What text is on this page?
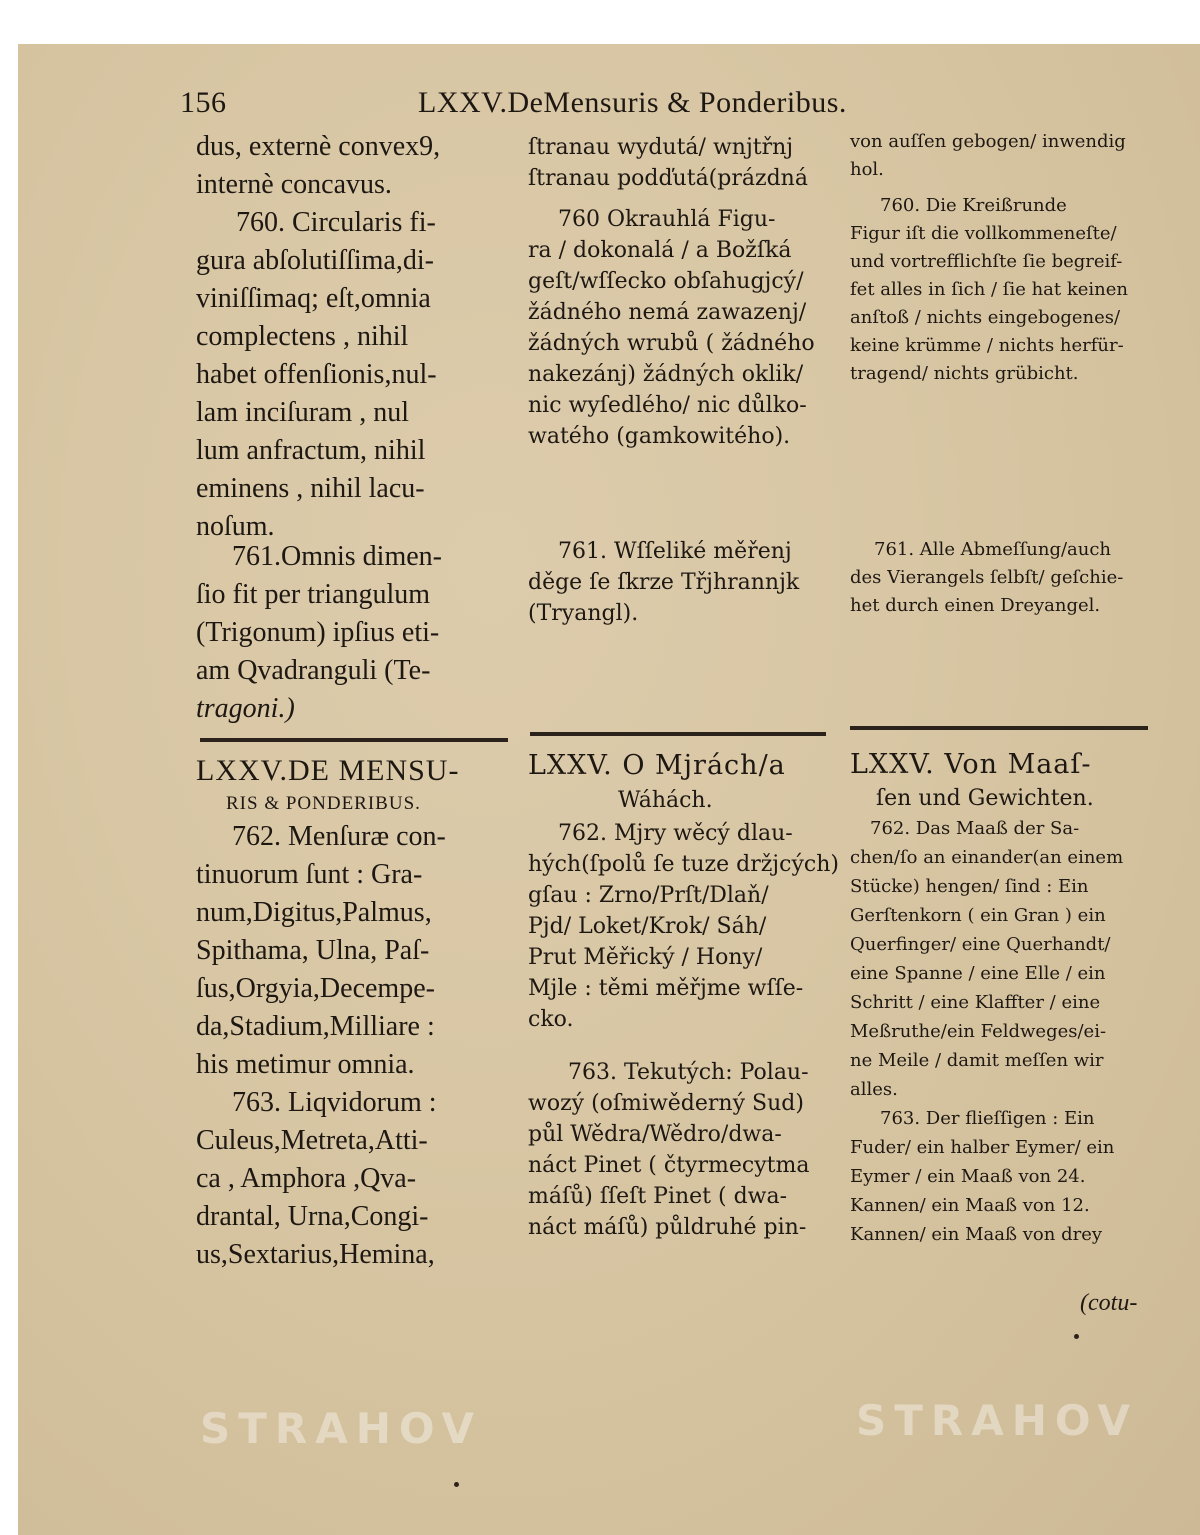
156	LXXV.DeMensuris & Ponderibus.
dus, externè convex9,
internè concavus.
760. Circularis fi-
gura abſolutiſſima,di-
viniſſimaq; eſt,omnia
complectens , nihil
habet offenſionis,nul-
lam inciſuram , nul
lum anfractum, nihil
eminens , nihil lacu-
noſum.
761.Omnis dimen-
ſio fit per triangulum
(Trigonum) ipſius eti-
am Qvadranguli (Te-
tragoni.)
LXXV.DE MENSU-
RIS & PONDERIBUS.
762. Menſuræ con-
tinuorum ſunt : Gra-
num,Digitus,Palmus,
Spithama, Ulna, Paſ-
ſus,Orgyia,Decempe-
da,Stadium,Milliare :
his metimur omnia.
763. Liqvidorum :
Culeus,Metreta,Atti-
ca , Amphora ,Qva-
drantal, Urna,Congi-
us,Sextarius,Hemina,
ſtranau wydutá/ wnjtřnj
ſtranau podďutá(prázdná
760 Okrauhlá Figu-
ra / dokonalá / a Božſká
geſt/wſſecko obſahugjcý/
žádného nemá zawazenj/
žádných wrubů ( žádného
nakezánj) žádných oklik/
nic wyſedlého/ nic důlko-
watého (gamkowitého).
761. Wſſeliké měřenj
děge ſe ſkrze Třjhrannjk
(Tryangl).
LXXV. O Mjrách/a
Wáhách.
762. Mjry wěcý dlau-
hých(ſpolů ſe tuze držjcých)
gſau : Zrno/Prſt/Dlaň/
Pjd/ Loket/Krok/ Sáh/
Prut Měřický / Hony/
Mjle : těmi měřjme wſſe-
cko.
763. Tekutých: Polau-
wozý (oſmiwěderný Sud)
půl Wědra/Wědro/dwa-
náct Pinet ( čtyrmecytma
máſů) ſſeſt Pinet ( dwa-
náct máſů) půldruhé pin-
von auſſen gebogen/ inwendig
hol.
760. Die Kreißrunde
Figur iſt die vollkommeneſte/
und vortrefflichſte ſie begreif-
fet alles in ſich / ſie hat keinen
anſtoß / nichts eingebogenes/
keine krümme / nichts herfür-
tragend/ nichts grübicht.
761. Alle Abmeſſung/auch
des Vierangels ſelbſt/ geſchie-
het durch einen Dreyangel.
LXXV. Von Maaſ-
ſen und Gewichten.
762. Das Maaß der Sa-
chen/ſo an einander(an einem
Stücke) hengen/ ſind : Ein
Gerſtenkorn ( ein Gran ) ein
Querfinger/ eine Querhandt/
eine Spanne / eine Elle / ein
Schritt / eine Klaffter / eine
Meßruthe/ein Feldweges/ei-
ne Meile / damit meſſen wir
alles.
763. Der flieſſigen : Ein
Fuder/ ein halber Eymer/ ein
Eymer / ein Maaß von 24.
Kannen/ ein Maaß von 12.
Kannen/ ein Maaß von drey
(cotu-
STRAHOV	STRAHOV
